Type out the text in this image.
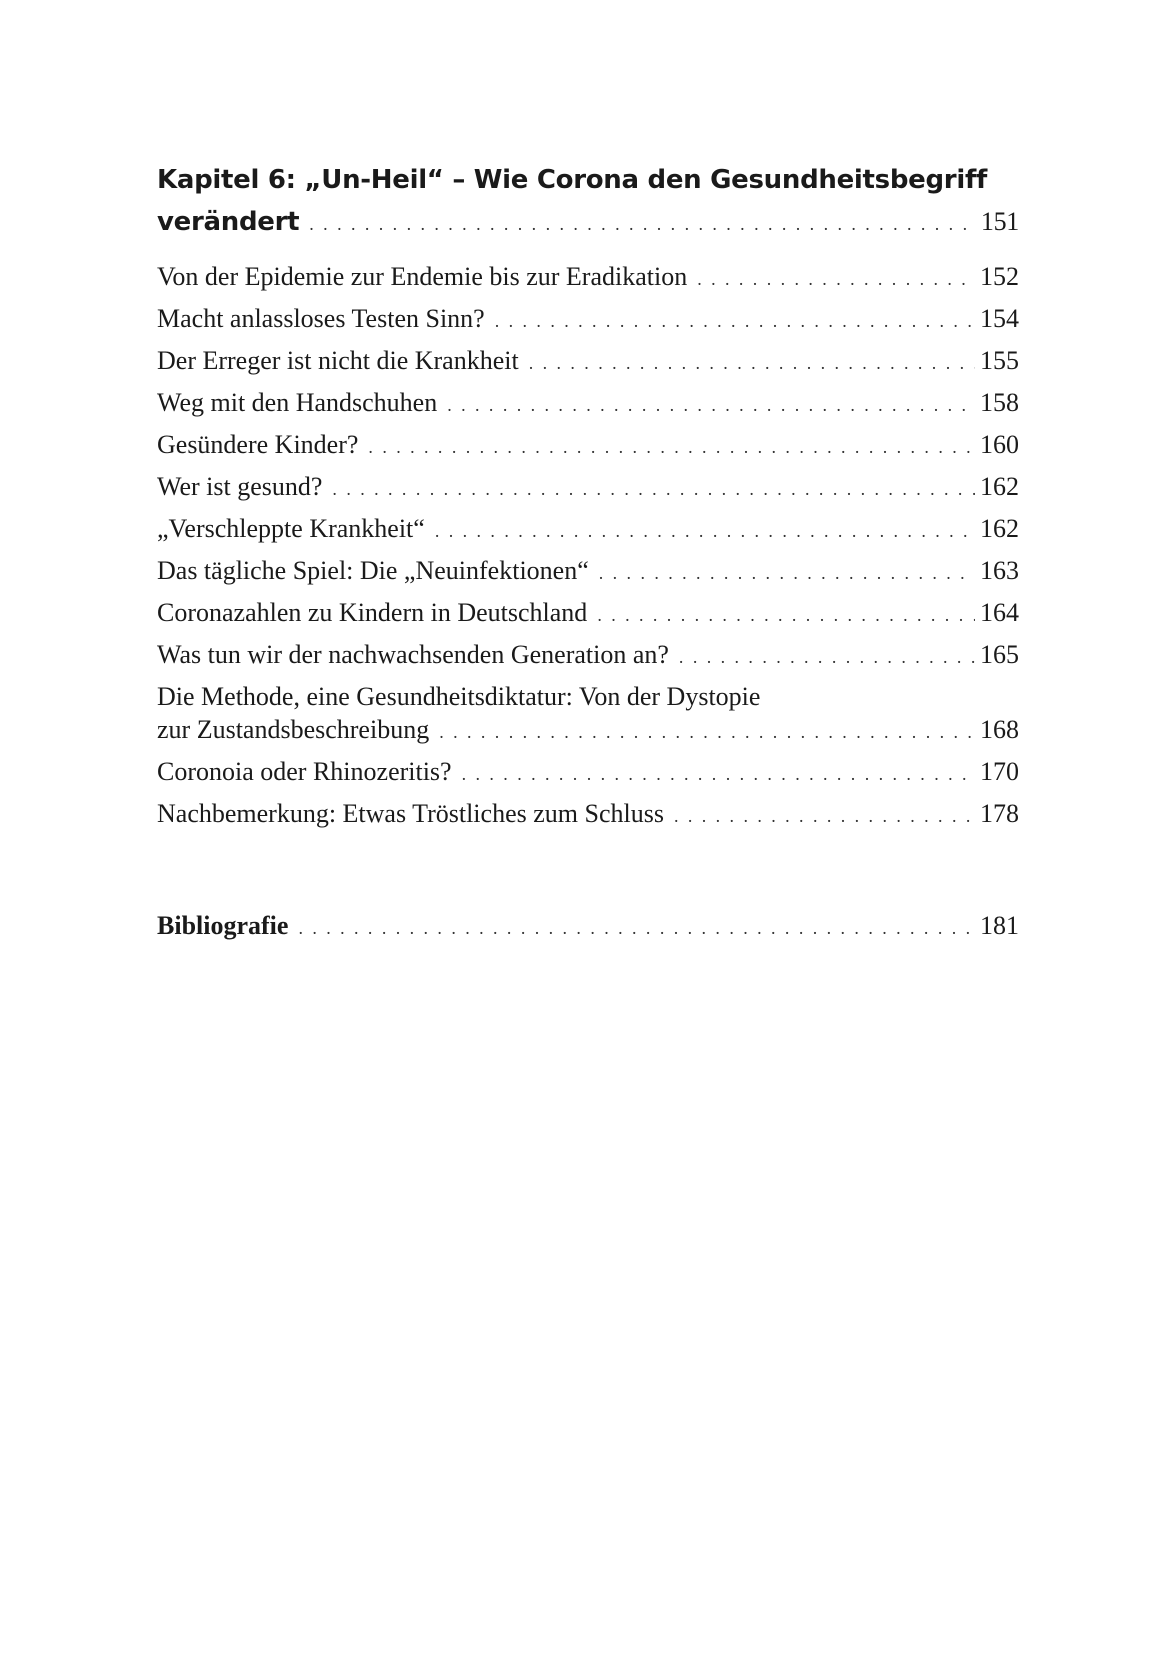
Kapitel 6: „Un-Heil“ – Wie Corona den Gesundheitsbegriff
verändert . . .	151
Von der Epidemie zur Endemie bis zur Eradikation . . .	152
Macht anlassloses Testen Sinn? . . .	154
Der Erreger ist nicht die Krankheit . . .	155
Weg mit den Handschuhen . . .	158
Gesündere Kinder? . . .	160
Wer ist gesund? . . .	162
„Verschleppte Krankheit“ . . .	162
Das tägliche Spiel: Die „Neuinfektionen“ . . .	163
Coronazahlen zu Kindern in Deutschland . . .	164
Was tun wir der nachwachsenden Generation an? . . .	165
Die Methode, eine Gesundheitsdiktatur: Von der Dystopie
zur Zustandsbeschreibung . . .	168
Coronoia oder Rhinozeritis? . . .	170
Nachbemerkung: Etwas Tröstliches zum Schluss . . .	178
Bibliografie . . .	181
